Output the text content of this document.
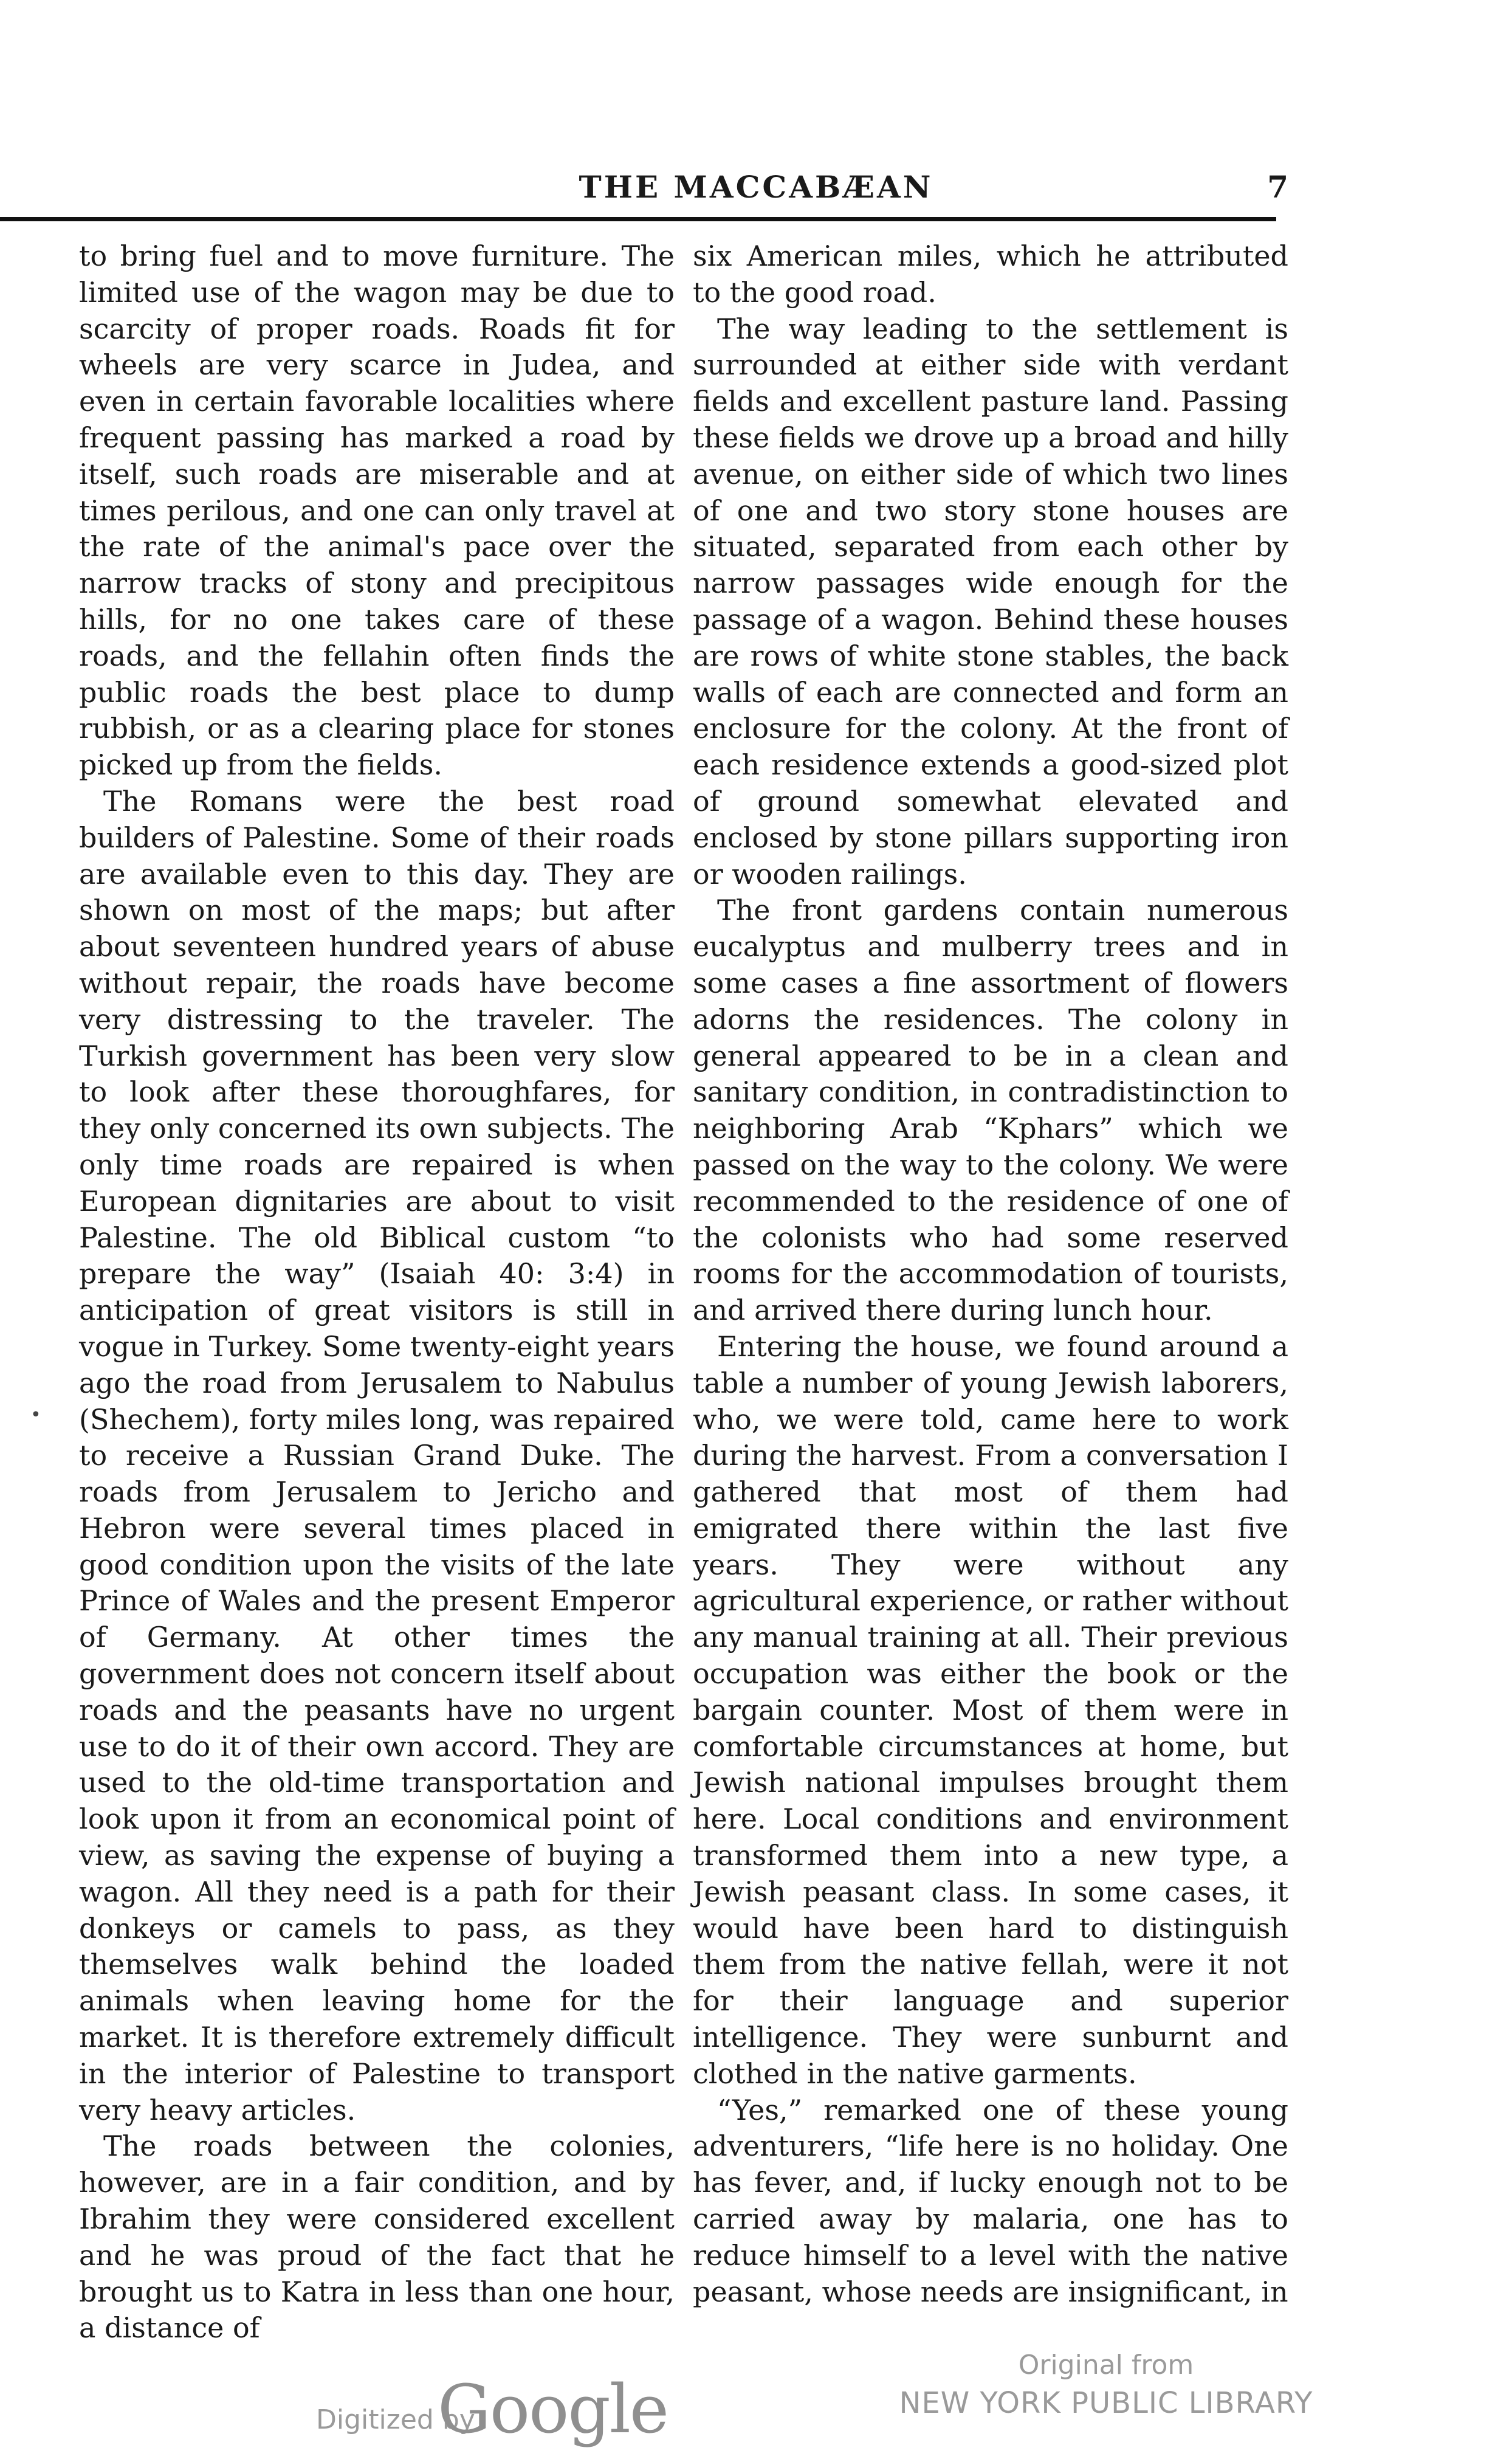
THE MACCABÆAN	7

to bring fuel and to move furniture. The limited use of the wagon may be due to scarcity of proper roads. Roads fit for wheels are very scarce in Judea, and even in certain favorable localities where frequent passing has marked a road by itself, such roads are miserable and at times perilous, and one can only travel at the rate of the animal's pace over the narrow tracks of stony and precipitous hills, for no one takes care of these roads, and the fellahin often finds the public roads the best place to dump rubbish, or as a clearing place for stones picked up from the fields.

The Romans were the best road builders of Palestine. Some of their roads are available even to this day. They are shown on most of the maps; but after about seventeen hundred years of abuse without repair, the roads have become very distressing to the traveler. The Turkish government has been very slow to look after these thoroughfares, for they only concerned its own subjects. The only time roads are repaired is when European dignitaries are about to visit Palestine. The old Biblical custom “to prepare the way” (Isaiah 40: 3:4) in anticipation of great visitors is still in vogue in Turkey. Some twenty-eight years ago the road from Jerusalem to Nabulus (Shechem), forty miles long, was repaired to receive a Russian Grand Duke. The roads from Jerusalem to Jericho and Hebron were several times placed in good condition upon the visits of the late Prince of Wales and the present Emperor of Germany. At other times the government does not concern itself about roads and the peasants have no urgent use to do it of their own accord. They are used to the old-time transportation and look upon it from an economical point of view, as saving the expense of buying a wagon. All they need is a path for their donkeys or camels to pass, as they themselves walk behind the loaded animals when leaving home for the market. It is therefore extremely difficult in the interior of Palestine to transport very heavy articles.

The roads between the colonies, however, are in a fair condition, and by Ibrahim they were considered excellent and he was proud of the fact that he brought us to Katra in less than one hour, a distance of

six American miles, which he attributed to the good road.

The way leading to the settlement is surrounded at either side with verdant fields and excellent pasture land. Passing these fields we drove up a broad and hilly avenue, on either side of which two lines of one and two story stone houses are situated, separated from each other by narrow passages wide enough for the passage of a wagon. Behind these houses are rows of white stone stables, the back walls of each are connected and form an enclosure for the colony. At the front of each residence extends a good-sized plot of ground somewhat elevated and enclosed by stone pillars supporting iron or wooden railings.

The front gardens contain numerous eucalyptus and mulberry trees and in some cases a fine assortment of flowers adorns the residences. The colony in general appeared to be in a clean and sanitary condition, in contradistinction to neighboring Arab “Kphars” which we passed on the way to the colony. We were recommended to the residence of one of the colonists who had some reserved rooms for the accommodation of tourists, and arrived there during lunch hour.

Entering the house, we found around a table a number of young Jewish laborers, who, we were told, came here to work during the harvest. From a conversation I gathered that most of them had emigrated there within the last five years. They were without any agricultural experience, or rather without any manual training at all. Their previous occupation was either the book or the bargain counter. Most of them were in comfortable circumstances at home, but Jewish national impulses brought them here. Local conditions and environment transformed them into a new type, a Jewish peasant class. In some cases, it would have been hard to distinguish them from the native fellah, were it not for their language and superior intelligence. They were sunburnt and clothed in the native garments.

“Yes,” remarked one of these young adventurers, “life here is no holiday. One has fever, and, if lucky enough not to be carried away by malaria, one has to reduce himself to a level with the native peasant, whose needs are insignificant, in

•
Digitized by
Google
Original from
NEW YORK PUBLIC LIBRARY
